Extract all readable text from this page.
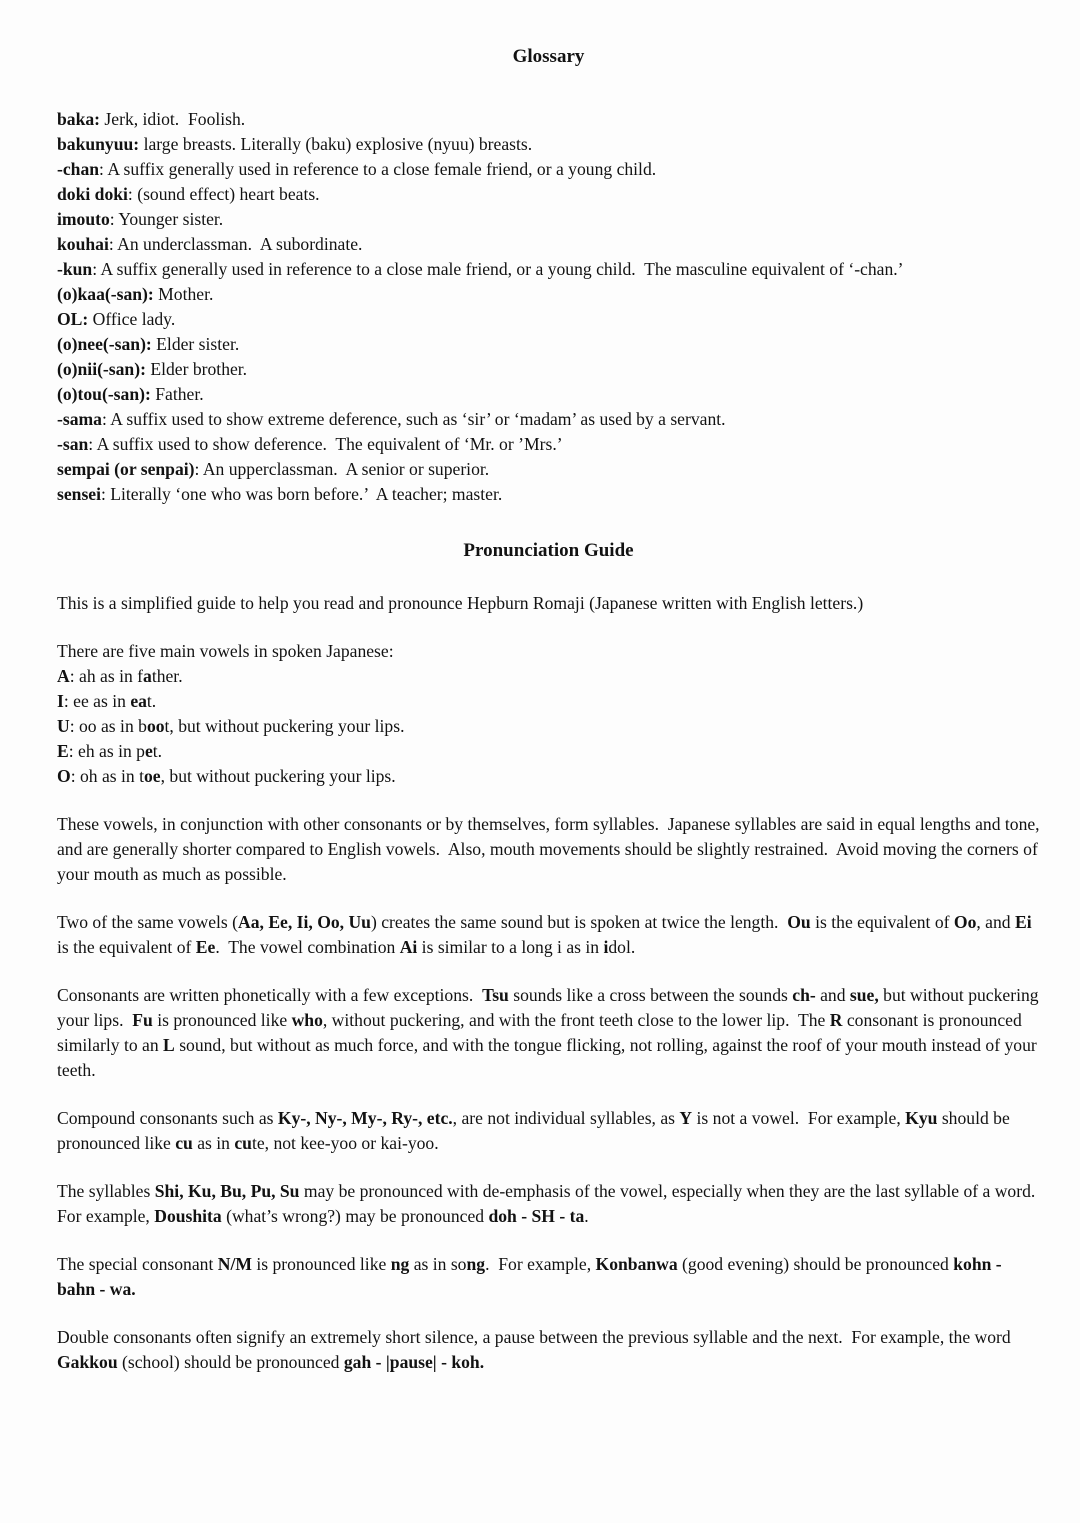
Glossary

baka: Jerk, idiot.  Foolish.

bakunyuu: large breasts. Literally (baku) explosive (nyuu) breasts.

-chan: A suffix generally used in reference to a close female friend, or a young child.

doki doki: (sound effect) heart beats.

imouto: Younger sister.

kouhai: An underclassman.  A subordinate.

-kun: A suffix generally used in reference to a close male friend, or a young child.  The masculine equivalent of ‘-chan.’

(o)kaa(-san): Mother.

OL: Office lady.

(o)nee(-san): Elder sister.

(o)nii(-san): Elder brother.

(o)tou(-san): Father.

-sama: A suffix used to show extreme deference, such as ‘sir’ or ‘madam’ as used by a servant.

-san: A suffix used to show deference.  The equivalent of ‘Mr. or ’Mrs.’

sempai (or senpai): An upperclassman.  A senior or superior.

sensei: Literally ‘one who was born before.’  A teacher; master.

Pronunciation Guide

This is a simplified guide to help you read and pronounce Hepburn Romaji (Japanese written with English letters.)

There are five main vowels in spoken Japanese:

A: ah as in father.

I: ee as in eat.

U: oo as in boot, but without puckering your lips.

E: eh as in pet.

O: oh as in toe, but without puckering your lips.

These vowels, in conjunction with other consonants or by themselves, form syllables.  Japanese syllables are said in equal lengths and tone, and are generally shorter compared to English vowels.  Also, mouth movements should be slightly restrained.  Avoid moving the corners of your mouth as much as possible.

Two of the same vowels (Aa, Ee, Ii, Oo, Uu) creates the same sound but is spoken at twice the length.  Ou is the equivalent of Oo, and Ei is the equivalent of Ee.  The vowel combination Ai is similar to a long i as in idol.

Consonants are written phonetically with a few exceptions.  Tsu sounds like a cross between the sounds ch- and sue, but without puckering your lips.  Fu is pronounced like who, without puckering, and with the front teeth close to the lower lip.  The R consonant is pronounced similarly to an L sound, but without as much force, and with the tongue flicking, not rolling, against the roof of your mouth instead of your teeth.

Compound consonants such as Ky-, Ny-, My-, Ry-, etc., are not individual syllables, as Y is not a vowel.  For example, Kyu should be pronounced like cu as in cute, not kee-yoo or kai-yoo.

The syllables Shi, Ku, Bu, Pu, Su may be pronounced with de-emphasis of the vowel, especially when they are the last syllable of a word.  For example, Doushita (what’s wrong?) may be pronounced doh - SH - ta.

The special consonant N/M is pronounced like ng as in song.  For example, Konbanwa (good evening) should be pronounced kohn - bahn - wa.

Double consonants often signify an extremely short silence, a pause between the previous syllable and the next.  For example, the word Gakkou (school) should be pronounced gah - |pause| - koh.
